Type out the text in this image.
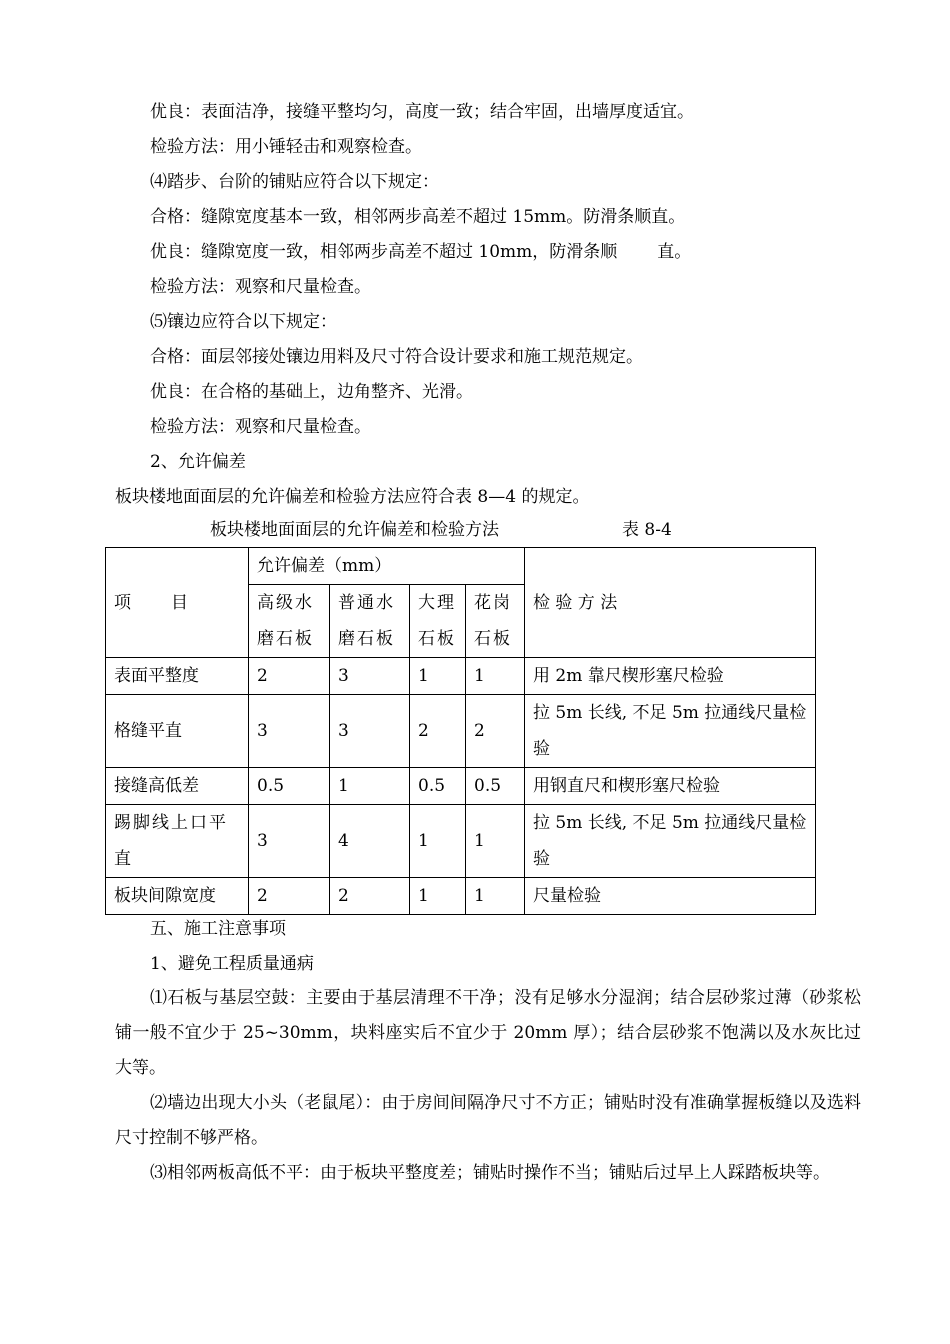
优良：表面洁净，接缝平整均匀，高度一致；结合牢固，出墙厚度适宜。
检验方法：用小锤轻击和观察检查。
⑷踏步、台阶的铺贴应符合以下规定：
合格：缝隙宽度基本一致，相邻两步高差不超过 15mm。防滑条顺直。
优良：缝隙宽度一致，相邻两步高差不超过 10mm，防滑条顺 直。
检验方法：观察和尺量检查。
⑸镶边应符合以下规定：
合格：面层邻接处镶边用料及尺寸符合设计要求和施工规范规定。
优良：在合格的基础上，边角整齐、光滑。
检验方法：观察和尺量检查。
2、允许偏差
板块楼地面面层的允许偏差和检验方法应符合表 8—4 的规定。
板块楼地面面层的允许偏差和检验方法	表 8-4
项　　目	允许偏差（mm）				检 验 方 法
	高级水磨石板	普通水磨石板	大理石板	花岗石板	

表面平整度	2	3	1	1	用 2m 靠尺楔形塞尺检验
格缝平直	3	3	2	2	拉 5m 长线, 不足 5m 拉通线尺量检验
接缝高低差	0.5	1	0.5	0.5	用钢直尺和楔形塞尺检验
踢脚线上口平直	3	4	1	1	拉 5m 长线, 不足 5m 拉通线尺量检验
板块间隙宽度	2	2	1	1	尺量检验
五、施工注意事项
1、避免工程质量通病
⑴石板与基层空鼓：主要由于基层清理不干净；没有足够水分湿润；结合层砂浆过薄（砂浆松铺一般不宜少于 25~30mm，块料座实后不宜少于 20mm 厚）；结合层砂浆不饱满以及水灰比过大等。
⑵墙边出现大小头（老鼠尾）：由于房间间隔净尺寸不方正；铺贴时没有准确掌握板缝以及选料尺寸控制不够严格。
⑶相邻两板高低不平：由于板块平整度差；铺贴时操作不当；铺贴后过早上人踩踏板块等。
